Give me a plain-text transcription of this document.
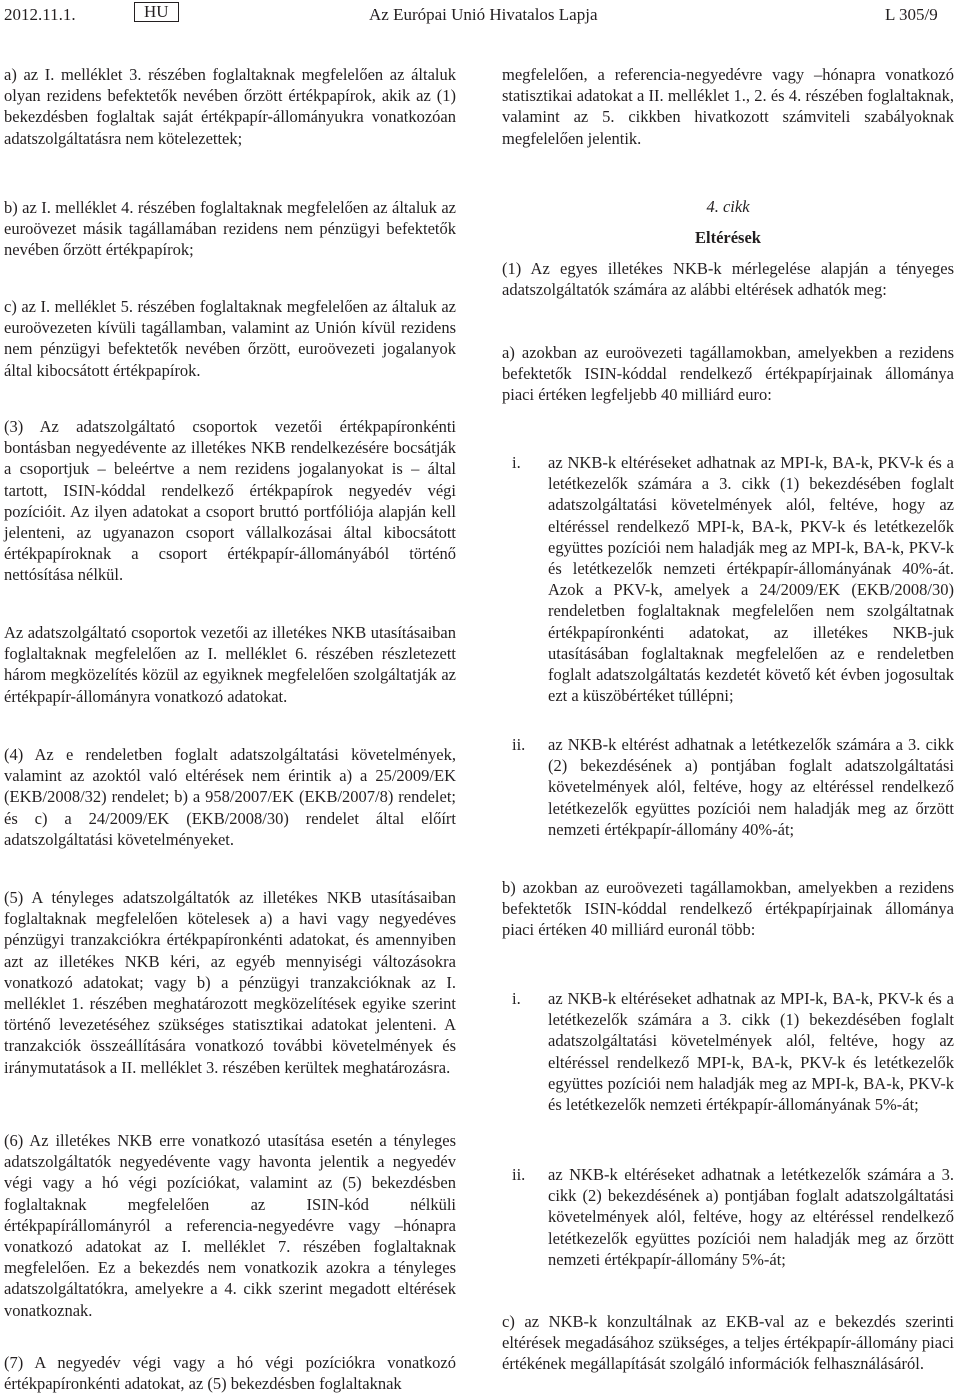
2012.11.1.	HU	Az Európai Unió Hivatalos Lapja	L 305/9

a) az I. melléklet 3. részében foglaltaknak megfelelően az általuk olyan rezidens befektetők nevében őrzött értékpapírok, akik az (1) bekezdésben foglaltak saját értékpapír-állományukra vonatkozóan adatszolgáltatásra nem kötelezettek;

b) az I. melléklet 4. részében foglaltaknak megfelelően az általuk az euroövezet másik tagállamában rezidens nem pénzügyi befektetők nevében őrzött értékpapírok;

c) az I. melléklet 5. részében foglaltaknak megfelelően az általuk az euroövezeten kívüli tagállamban, valamint az Unión kívül rezidens nem pénzügyi befektetők nevében őrzött, euroövezeti jogalanyok által kibocsátott értékpapírok.

(3) Az adatszolgáltató csoportok vezetői értékpapíronkénti bontásban negyedévente az illetékes NKB rendelkezésére bocsátják a csoportjuk – beleértve a nem rezidens jogalanyokat is – által tartott, ISIN-kóddal rendelkező értékpapírok negyedév végi pozícióit. Az ilyen adatokat a csoport bruttó portfóliója alapján kell jelenteni, az ugyanazon csoport vállalkozásai által kibocsátott értékpapíroknak a csoport értékpapír-állományából történő nettósítása nélkül.

Az adatszolgáltató csoportok vezetői az illetékes NKB utasításaiban foglaltaknak megfelelően az I. melléklet 6. részében részletezett három megközelítés közül az egyiknek megfelelően szolgáltatják az értékpapír-állományra vonatkozó adatokat.

(4) Az e rendeletben foglalt adatszolgáltatási követelmények, valamint az azoktól való eltérések nem érintik a) a 25/2009/EK (EKB/2008/32) rendelet; b) a 958/2007/EK (EKB/2007/8) rendelet; és c) a 24/2009/EK (EKB/2008/30) rendelet által előírt adatszolgáltatási követelményeket.

(5) A tényleges adatszolgáltatók az illetékes NKB utasításaiban foglaltaknak megfelelően kötelesek a) a havi vagy negyedéves pénzügyi tranzakciókra értékpapíronkénti adatokat, és amennyiben azt az illetékes NKB kéri, az egyéb mennyiségi változásokra vonatkozó adatokat; vagy b) a pénzügyi tranzakcióknak az I. melléklet 1. részében meghatározott megközelítések egyike szerint történő levezetéséhez szükséges statisztikai adatokat jelenteni. A tranzakciók összeállítására vonatkozó további követelmények és iránymutatások a II. melléklet 3. részében kerültek meghatározásra.

(6) Az illetékes NKB erre vonatkozó utasítása esetén a tényleges adatszolgáltatók negyedévente vagy havonta jelentik a negyedév végi vagy a hó végi pozíciókat, valamint az (5) bekezdésben foglaltaknak megfelelően az ISIN-kód nélküli értékpapírállományról a referencia-negyedévre vagy –hónapra vonatkozó adatokat az I. melléklet 7. részében foglaltaknak megfelelően. Ez a bekezdés nem vonatkozik azokra a tényleges adatszolgáltatókra, amelyekre a 4. cikk szerint megadott eltérések vonatkoznak.

(7) A negyedév végi vagy a hó végi pozíciókra vonatkozó értékpapíronkénti adatokat, az (5) bekezdésben foglaltaknak

megfelelően, a referencia-negyedévre vagy –hónapra vonatkozó statisztikai adatokat a II. melléklet 1., 2. és 4. részében foglaltaknak, valamint az 5. cikkben hivatkozott számviteli szabályoknak megfelelően jelentik.

4. cikk
Eltérések

(1) Az egyes illetékes NKB-k mérlegelése alapján a tényeges adatszolgáltatók számára az alábbi eltérések adhatók meg:

a) azokban az euroövezeti tagállamokban, amelyekben a rezidens befektetők ISIN-kóddal rendelkező értékpapírjainak állománya piaci értéken legfeljebb 40 milliárd euro:

i. az NKB-k eltéréseket adhatnak az MPI-k, BA-k, PKV-k és a letétkezelők számára a 3. cikk (1) bekezdésében foglalt adatszolgáltatási követelmények alól, feltéve, hogy az eltéréssel rendelkező MPI-k, BA-k, PKV-k és letétkezelők együttes pozíciói nem haladják meg az MPI-k, BA-k, PKV-k és letétkezelők nemzeti értékpapír-állományának 40%-át. Azok a PKV-k, amelyek a 24/2009/EK (EKB/2008/30) rendeletben foglaltaknak megfelelően nem szolgáltatnak értékpapíronkénti adatokat, az illetékes NKB-juk utasításában foglaltaknak megfelelően az e rendeletben foglalt adatszolgáltatás kezdetét követő két évben jogosultak ezt a küszöbértéket túllépni;

ii. az NKB-k eltérést adhatnak a letétkezelők számára a 3. cikk (2) bekezdésének a) pontjában foglalt adatszolgáltatási követelmények alól, feltéve, hogy az eltéréssel rendelkező letétkezelők együttes pozíciói nem haladják meg az őrzött nemzeti értékpapír-állomány 40%-át;

b) azokban az euroövezeti tagállamokban, amelyekben a rezidens befektetők ISIN-kóddal rendelkező értékpapírjainak állománya piaci értéken 40 milliárd euronál több:

i. az NKB-k eltéréseket adhatnak az MPI-k, BA-k, PKV-k és a letétkezelők számára a 3. cikk (1) bekezdésében foglalt adatszolgáltatási követelmények alól, feltéve, hogy az eltéréssel rendelkező MPI-k, BA-k, PKV-k és letétkezelők együttes pozíciói nem haladják meg az MPI-k, BA-k, PKV-k és letétkezelők nemzeti értékpapír-állományának 5%-át;

ii. az NKB-k eltéréseket adhatnak a letétkezelők számára a 3. cikk (2) bekezdésének a) pontjában foglalt adatszolgáltatási követelmények alól, feltéve, hogy az eltéréssel rendelkező letétkezelők együttes pozíciói nem haladják meg az őrzött nemzeti értékpapír-állomány 5%-át;

c) az NKB-k konzultálnak az EKB-val az e bekezdés szerinti eltérések megadásához szükséges, a teljes értékpapír-állomány piaci értékének megállapítását szolgáló információk felhasználásáról.
